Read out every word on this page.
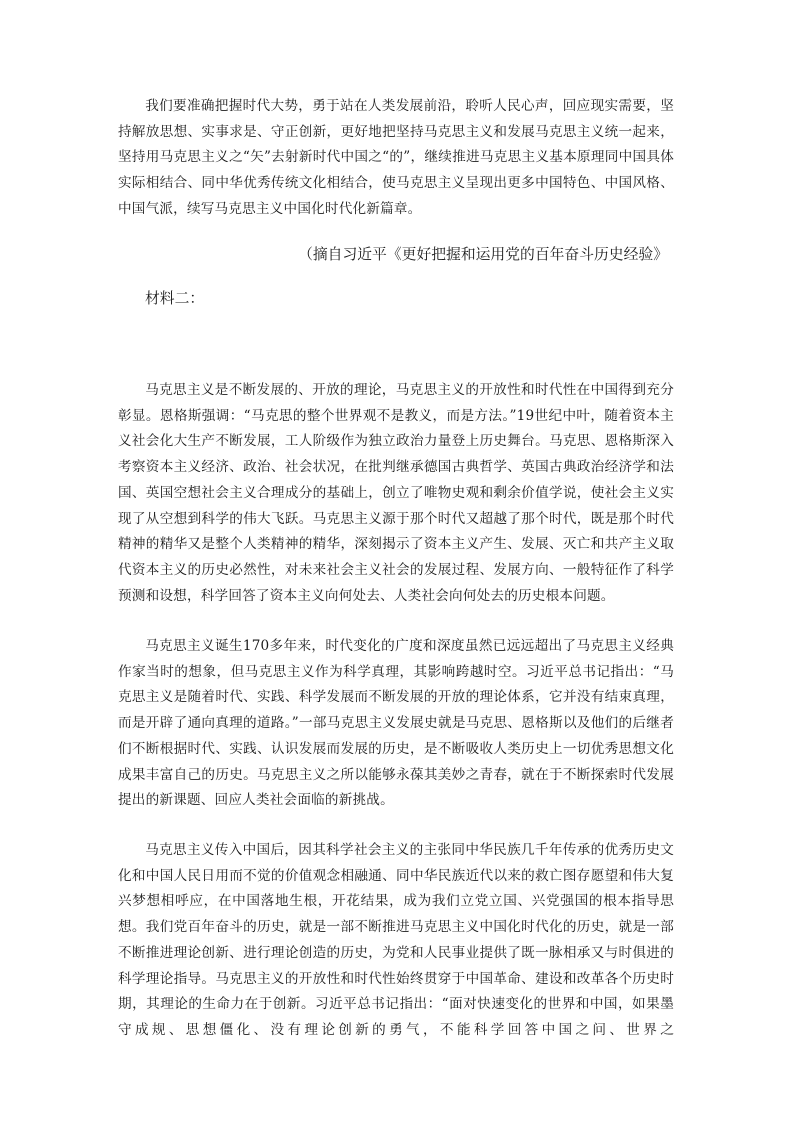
我们要准确把握时代大势，勇于站在人类发展前沿，聆听人民心声，回应现实需要，坚持解放思想、实事求是、守正创新，更好地把坚持马克思主义和发展马克思主义统一起来，坚持用马克思主义之“矢”去射新时代中国之“的”，继续推进马克思主义基本原理同中国具体实际相结合、同中华优秀传统文化相结合，使马克思主义呈现出更多中国特色、中国风格、中国气派，续写马克思主义中国化时代化新篇章。
（摘自习近平《更好把握和运用党的百年奋斗历史经验》
材料二：
马克思主义是不断发展的、开放的理论，马克思主义的开放性和时代性在中国得到充分彰显。恩格斯强调：“马克思的整个世界观不是教义，而是方法。”19世纪中叶，随着资本主义社会化大生产不断发展，工人阶级作为独立政治力量登上历史舞台。马克思、恩格斯深入考察资本主义经济、政治、社会状况，在批判继承德国古典哲学、英国古典政治经济学和法国、英国空想社会主义合理成分的基础上，创立了唯物史观和剩余价值学说，使社会主义实现了从空想到科学的伟大飞跃。马克思主义源于那个时代又超越了那个时代，既是那个时代精神的精华又是整个人类精神的精华，深刻揭示了资本主义产生、发展、灭亡和共产主义取代资本主义的历史必然性，对未来社会主义社会的发展过程、发展方向、一般特征作了科学预测和设想，科学回答了资本主义向何处去、人类社会向何处去的历史根本问题。
马克思主义诞生170多年来，时代变化的广度和深度虽然已远远超出了马克思主义经典作家当时的想象，但马克思主义作为科学真理，其影响跨越时空。习近平总书记指出：“马克思主义是随着时代、实践、科学发展而不断发展的开放的理论体系，它并没有结束真理，而是开辟了通向真理的道路。”一部马克思主义发展史就是马克思、恩格斯以及他们的后继者们不断根据时代、实践、认识发展而发展的历史，是不断吸收人类历史上一切优秀思想文化成果丰富自己的历史。马克思主义之所以能够永葆其美妙之青春，就在于不断探索时代发展提出的新课题、回应人类社会面临的新挑战。
马克思主义传入中国后，因其科学社会主义的主张同中华民族几千年传承的优秀历史文化和中国人民日用而不觉的价值观念相融通、同中华民族近代以来的救亡图存愿望和伟大复兴梦想相呼应，在中国落地生根，开花结果，成为我们立党立国、兴党强国的根本指导思想。我们党百年奋斗的历史，就是一部不断推进马克思主义中国化时代化的历史，就是一部不断推进理论创新、进行理论创造的历史，为党和人民事业提供了既一脉相承又与时俱进的科学理论指导。马克思主义的开放性和时代性始终贯穿于中国革命、建设和改革各个历史时期，其理论的生命力在于创新。习近平总书记指出：“面对快速变化的世界和中国，如果墨守成规、思想僵化、没有理论创新的勇气，不能科学回答中国之问、世界之
